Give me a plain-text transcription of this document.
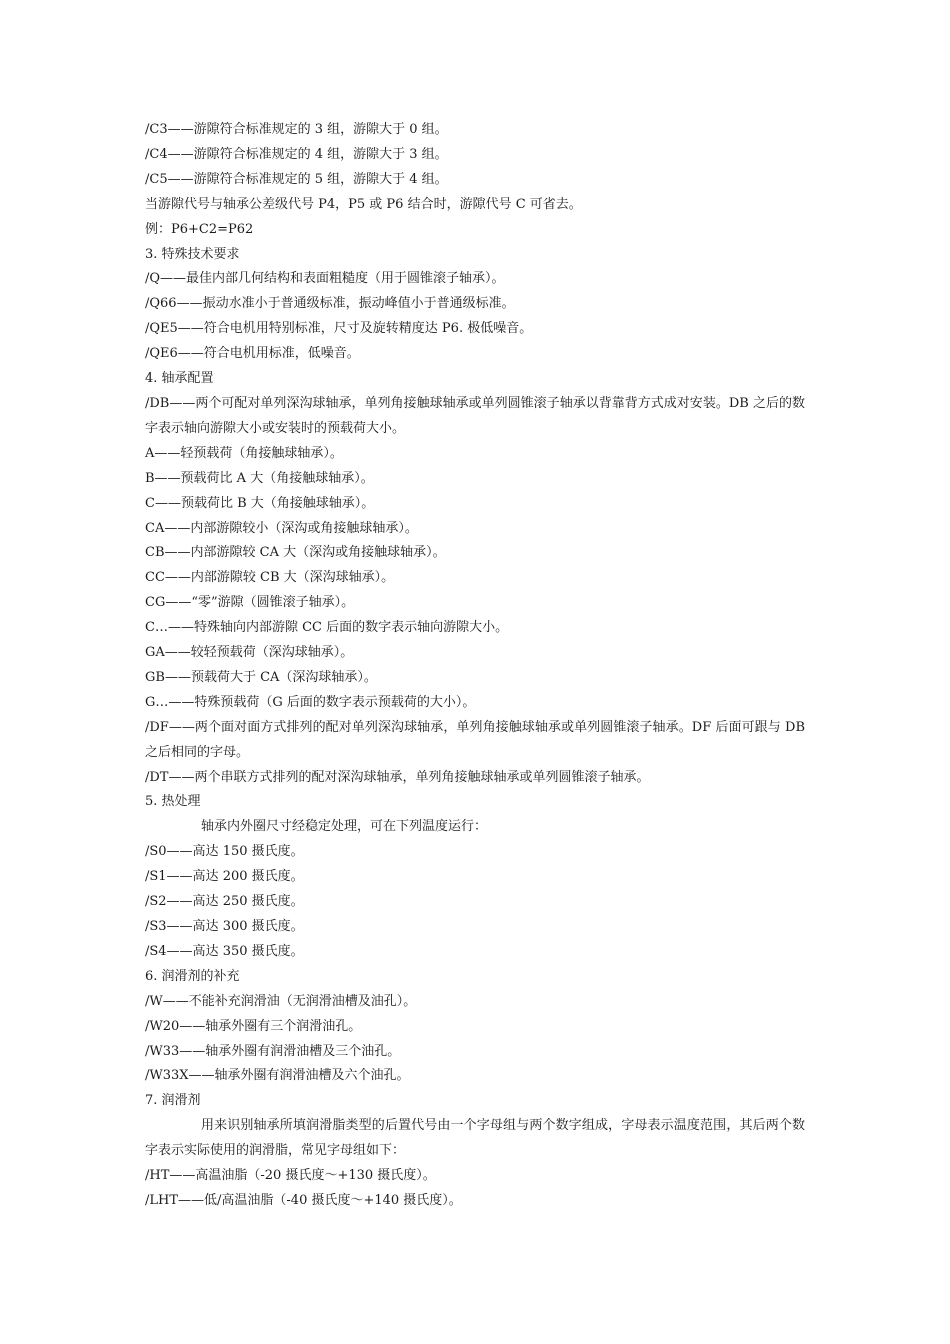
/C3——游隙符合标准规定的 3 组，游隙大于 0 组。

/C4——游隙符合标准规定的 4 组，游隙大于 3 组。

/C5——游隙符合标准规定的 5 组，游隙大于 4 组。

当游隙代号与轴承公差级代号 P4，P5 或 P6 结合时，游隙代号 C 可省去。

例：P6+C2=P62

3. 特殊技术要求

/Q——最佳内部几何结构和表面粗糙度（用于圆锥滚子轴承）。

/Q66——振动水准小于普通级标准，振动峰值小于普通级标准。

/QE5——符合电机用特别标准，尺寸及旋转精度达 P6. 极低噪音。

/QE6——符合电机用标准，低噪音。

4. 轴承配置

/DB——两个可配对单列深沟球轴承，单列角接触球轴承或单列圆锥滚子轴承以背靠背方式成对安装。DB 之后的数字表示轴向游隙大小或安装时的预载荷大小。

A——轻预载荷（角接触球轴承）。

B——预载荷比 A 大（角接触球轴承）。

C——预载荷比 B 大（角接触球轴承）。

CA——内部游隙较小（深沟或角接触球轴承）。

CB——内部游隙较 CA 大（深沟或角接触球轴承）。

CC——内部游隙较 CB 大（深沟球轴承）。

CG——“零”游隙（圆锥滚子轴承）。

C…——特殊轴向内部游隙 CC 后面的数字表示轴向游隙大小。

GA——较轻预载荷（深沟球轴承）。

GB——预载荷大于 CA（深沟球轴承）。

G…——特殊预载荷（G 后面的数字表示预载荷的大小）。

/DF——两个面对面方式排列的配对单列深沟球轴承，单列角接触球轴承或单列圆锥滚子轴承。DF 后面可跟与 DB 之后相同的字母。

/DT——两个串联方式排列的配对深沟球轴承，单列角接触球轴承或单列圆锥滚子轴承。

5. 热处理

轴承内外圈尺寸经稳定处理，可在下列温度运行：

/S0——高达 150 摄氏度。

/S1——高达 200 摄氏度。

/S2——高达 250 摄氏度。

/S3——高达 300 摄氏度。

/S4——高达 350 摄氏度。

6. 润滑剂的补充

/W——不能补充润滑油（无润滑油槽及油孔）。

/W20——轴承外圈有三个润滑油孔。

/W33——轴承外圈有润滑油槽及三个油孔。

/W33X——轴承外圈有润滑油槽及六个油孔。

7. 润滑剂

用来识别轴承所填润滑脂类型的后置代号由一个字母组与两个数字组成，字母表示温度范围，其后两个数字表示实际使用的润滑脂，常见字母组如下：

/HT——高温油脂（-20 摄氏度～+130 摄氏度）。

/LHT——低/高温油脂（-40 摄氏度～+140 摄氏度）。
